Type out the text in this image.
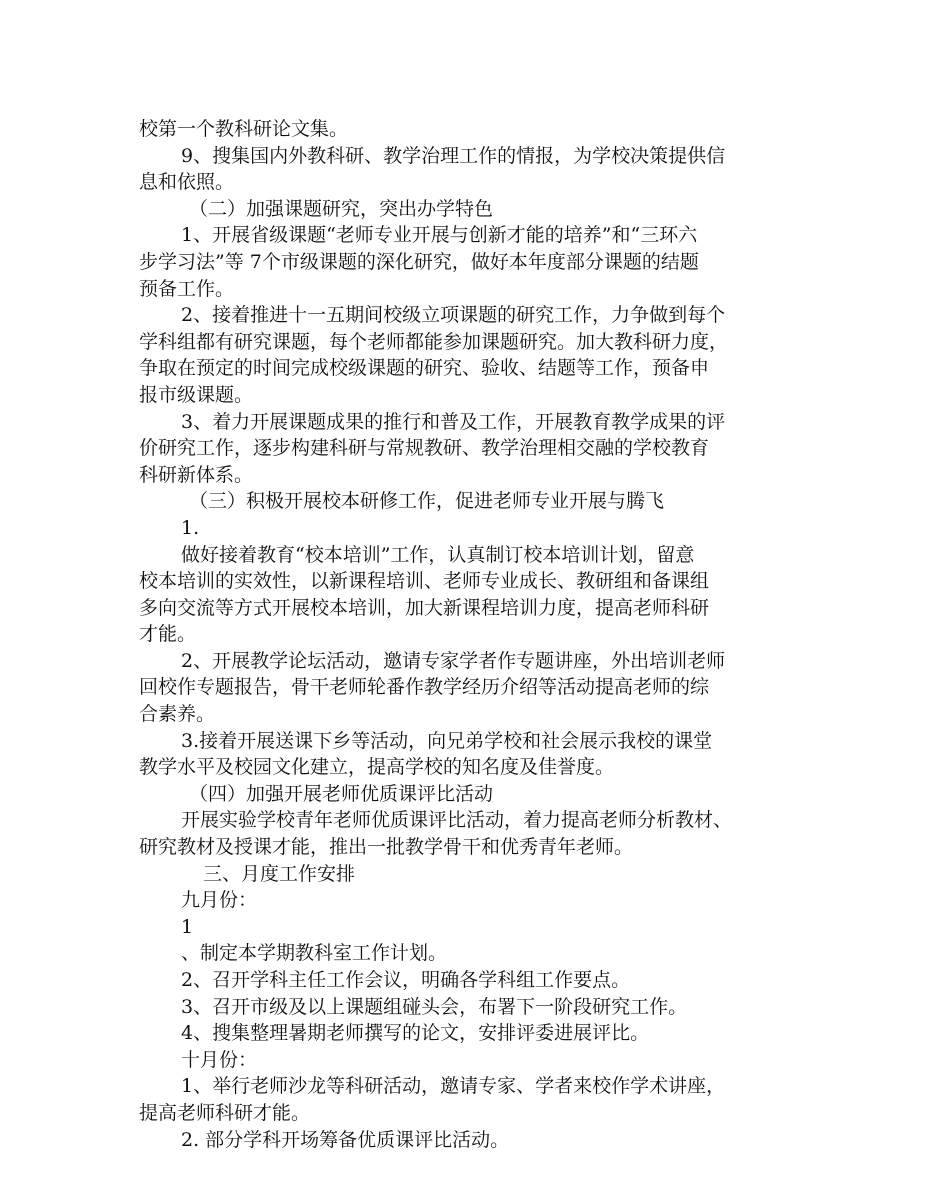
校第一个教科研论文集。
9、搜集国内外教科研、教学治理工作的情报，为学校决策提供信
息和依照。
（二）加强课题研究，突出办学特色
1、开展省级课题“老师专业开展与创新才能的培养”和“三环六
步学习法”等 7个市级课题的深化研究，做好本年度部分课题的结题
预备工作。
2、接着推进十一五期间校级立项课题的研究工作，力争做到每个
学科组都有研究课题，每个老师都能参加课题研究。加大教科研力度，
争取在预定的时间完成校级课题的研究、验收、结题等工作，预备申
报市级课题。
3、着力开展课题成果的推行和普及工作，开展教育教学成果的评
价研究工作，逐步构建科研与常规教研、教学治理相交融的学校教育
科研新体系。
（三）积极开展校本研修工作，促进老师专业开展与腾飞
1.
做好接着教育“校本培训”工作，认真制订校本培训计划，留意
校本培训的实效性，以新课程培训、老师专业成长、教研组和备课组
多向交流等方式开展校本培训，加大新课程培训力度，提高老师科研
才能。
2、开展教学论坛活动，邀请专家学者作专题讲座，外出培训老师
回校作专题报告，骨干老师轮番作教学经历介绍等活动提高老师的综
合素养。
3.接着开展送课下乡等活动，向兄弟学校和社会展示我校的课堂
教学水平及校园文化建立，提高学校的知名度及佳誉度。
（四）加强开展老师优质课评比活动
开展实验学校青年老师优质课评比活动，着力提高老师分析教材、
研究教材及授课才能，推出一批教学骨干和优秀青年老师。
三、月度工作安排
九月份：
1
、制定本学期教科室工作计划。
2、召开学科主任工作会议，明确各学科组工作要点。
3、召开市级及以上课题组碰头会，布署下一阶段研究工作。
4、搜集整理暑期老师撰写的论文，安排评委进展评比。
十月份：
1、举行老师沙龙等科研活动，邀请专家、学者来校作学术讲座，
提高老师科研才能。
2. 部分学科开场筹备优质课评比活动。
